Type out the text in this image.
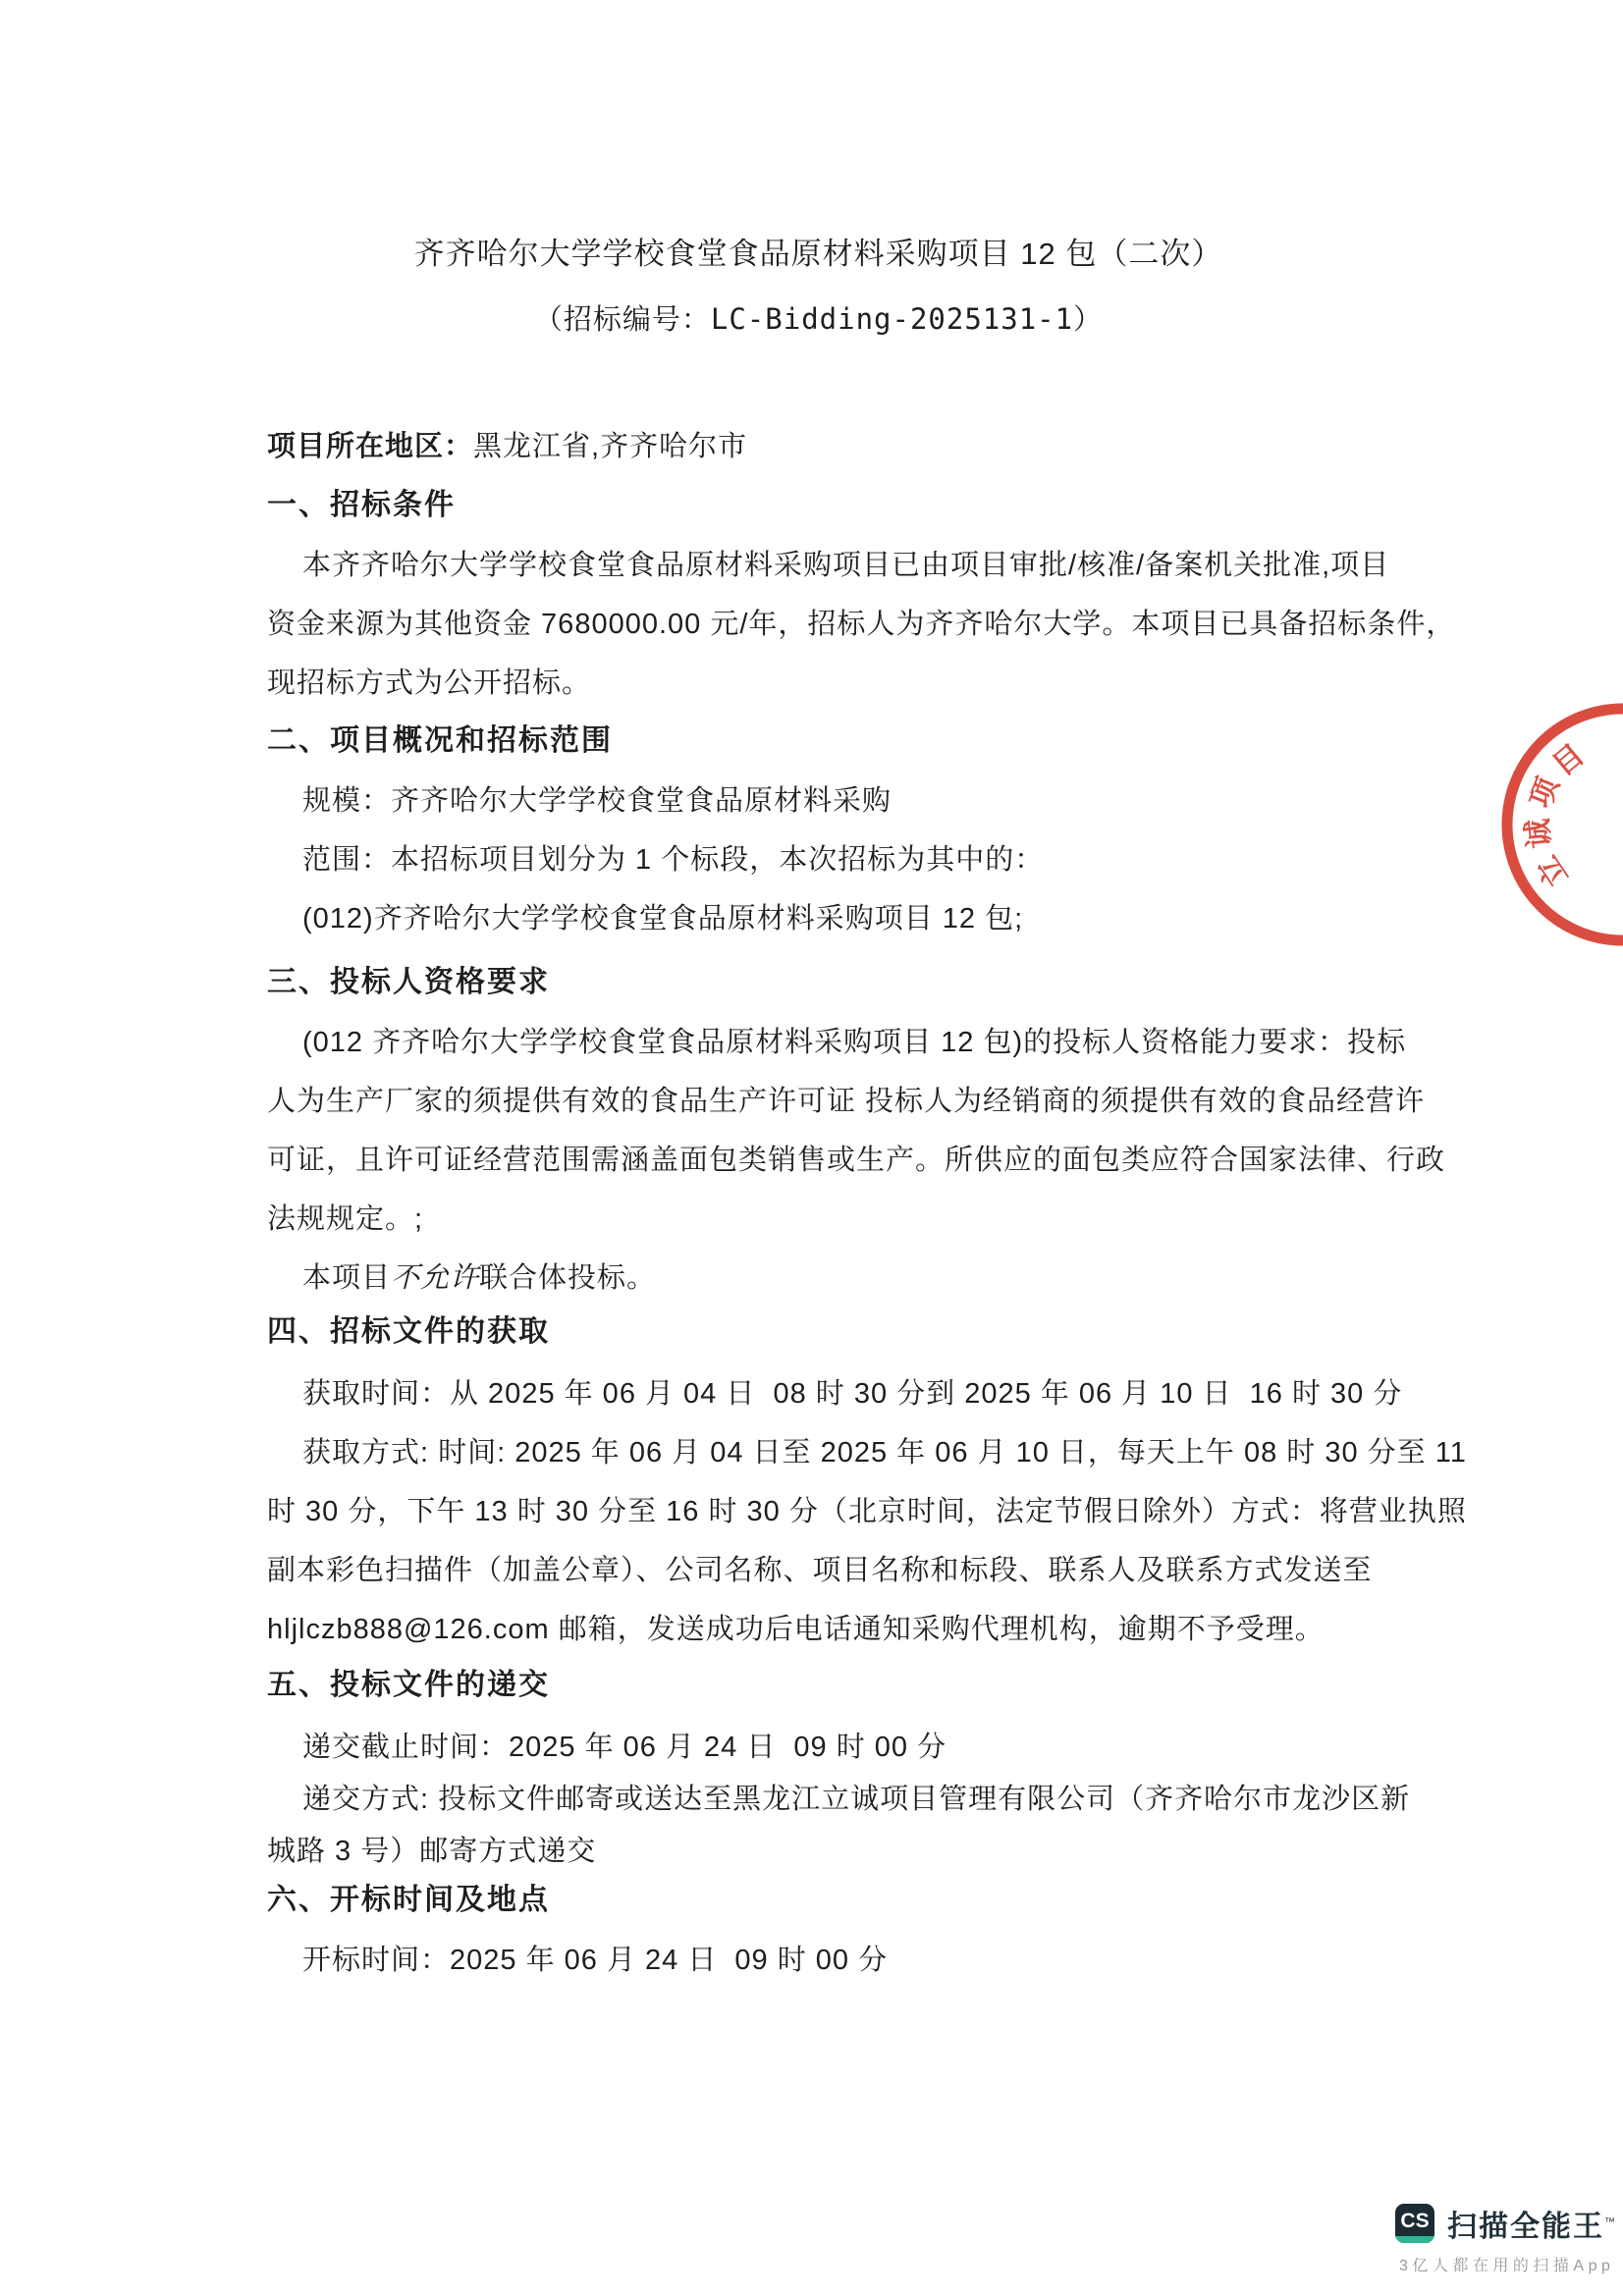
齐齐哈尔大学学校食堂食品原材料采购项目 12 包（二次）
（招标编号：LC-Bidding-2025131-1）
项目所在地区：黑龙江省,齐齐哈尔市
一、招标条件
本齐齐哈尔大学学校食堂食品原材料采购项目已由项目审批/核准/备案机关批准,项目
资金来源为其他资金 7680000.00 元/年，招标人为齐齐哈尔大学。本项目已具备招标条件，
现招标方式为公开招标。
二、项目概况和招标范围
规模：齐齐哈尔大学学校食堂食品原材料采购
范围：本招标项目划分为 1 个标段，本次招标为其中的：
(012)齐齐哈尔大学学校食堂食品原材料采购项目 12 包;
三、投标人资格要求
(012 齐齐哈尔大学学校食堂食品原材料采购项目 12 包)的投标人资格能力要求：投标
人为生产厂家的须提供有效的食品生产许可证 投标人为经销商的须提供有效的食品经营许
可证，且许可证经营范围需涵盖面包类销售或生产。所供应的面包类应符合国家法律、行政
法规规定。;
本项目不允许联合体投标。
四、招标文件的获取
获取时间：从 2025 年 06 月 04 日  08 时 30 分到 2025 年 06 月 10 日  16 时 30 分
获取方式: 时间: 2025 年 06 月 04 日至 2025 年 06 月 10 日，每天上午 08 时 30 分至 11
时 30 分，下午 13 时 30 分至 16 时 30 分（北京时间，法定节假日除外）方式：将营业执照
副本彩色扫描件（加盖公章）、公司名称、项目名称和标段、联系人及联系方式发送至
hljlczb888@126.com 邮箱，发送成功后电话通知采购代理机构，逾期不予受理。
五、投标文件的递交
递交截止时间：2025 年 06 月 24 日  09 时 00 分
递交方式: 投标文件邮寄或送达至黑龙江立诚项目管理有限公司（齐齐哈尔市龙沙区新
城路 3 号）邮寄方式递交
六、开标时间及地点
开标时间：2025 年 06 月 24 日  09 时 00 分
目
项
诚
立
CS 扫描全能王™
3亿人都在用的扫描App
